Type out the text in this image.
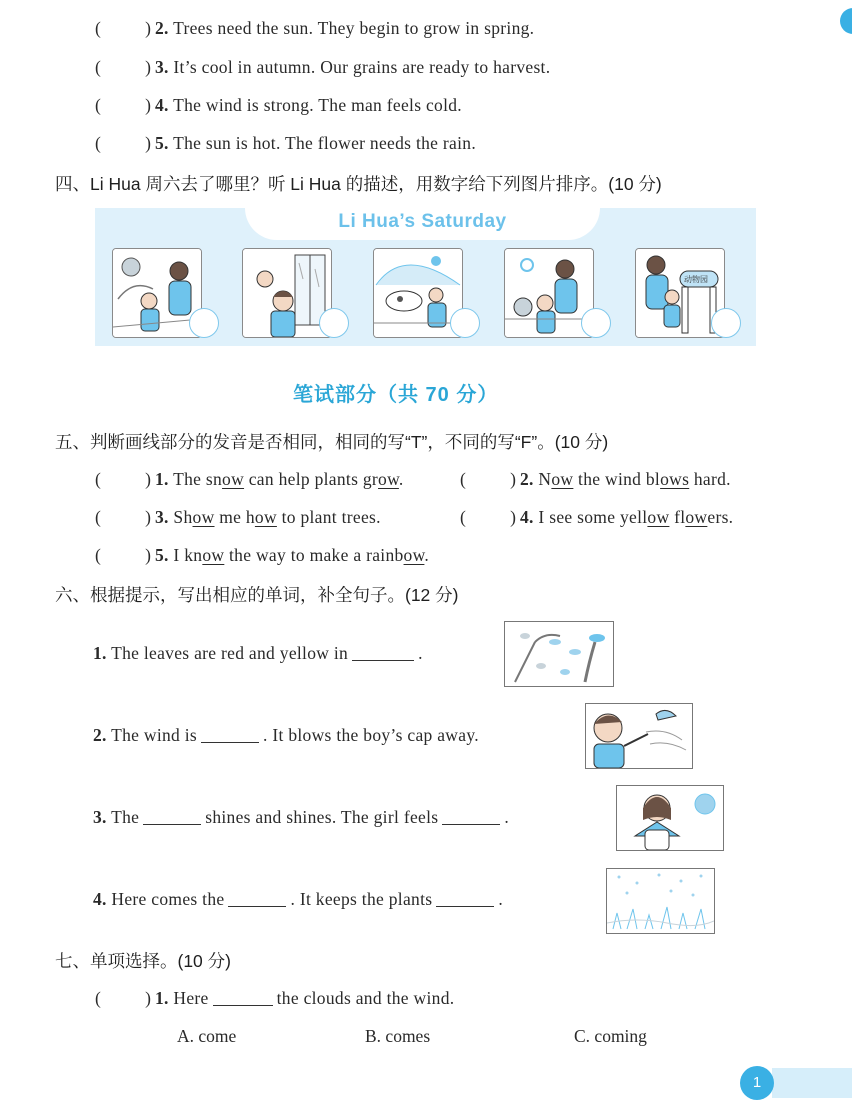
(	) 2. Trees need the sun. They begin to grow in spring.
(	) 3. It’s cool in autumn. Our grains are ready to harvest.
(	) 4. The wind is strong. The man feels cold.
(	) 5. The sun is hot. The flower needs the rain.
四、Li Hua 周六去了哪里？听 Li Hua 的描述，用数字给下列图片排序。(10 分)
Li Hua’s Saturday
动物园
笔试部分（共 70 分）
五、判断画线部分的发音是否相同，相同的写“T”，不同的写“F”。(10 分)
(	) 1. The snow can help plants grow.	(	) 2. Now the wind blows hard.
(	) 3. Show me how to plant trees.	(	) 4. I see some yellow flowers.
(	) 5. I know the way to make a rainbow.
六、根据提示，写出相应的单词，补全句子。(12 分)
1. The leaves are red and yellow in	.
2. The wind is	. It blows the boy’s cap away.
3. The	shines and shines. The girl feels	.
4. Here comes the	. It keeps the plants	.
七、单项选择。(10 分)
(	) 1. Here	the clouds and the wind.
A. come	B. comes	C. coming
1
